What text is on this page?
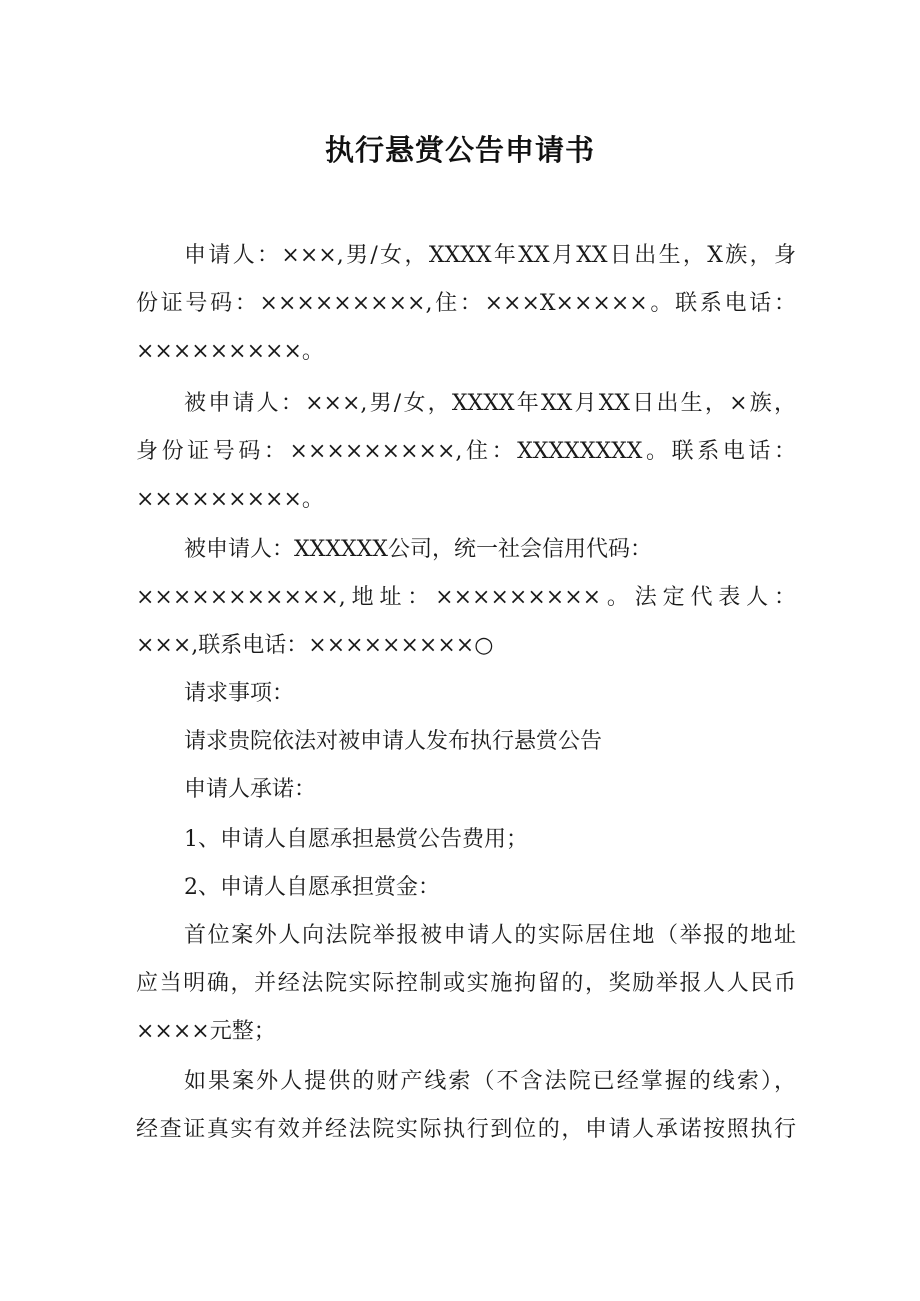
执行悬赏公告申请书
申请人：×××,男/女，XXXX年XX月XX日出生，X族，身
份证号码：×××××××××,住：×××X×××××。联系电话：
×××××××××。
被申请人：×××,男/女，XXXX年XX月XX日出生，×族，
身份证号码：×××××××××,住：XXXXXXXX。联系电话：
×××××××××。
被申请人：XXXXXX公司，统一社会信用代码：
×××××××××××,地址：×××××××××。法定代表人：
×××,联系电话：×××××××××○
请求事项：
请求贵院依法对被申请人发布执行悬赏公告
申请人承诺：
1、申请人自愿承担悬赏公告费用；
2、申请人自愿承担赏金：
首位案外人向法院举报被申请人的实际居住地（举报的地址
应当明确，并经法院实际控制或实施拘留的，奖励举报人人民币
××××元整；
如果案外人提供的财产线索（不含法院已经掌握的线索），
经查证真实有效并经法院实际执行到位的，申请人承诺按照执行
